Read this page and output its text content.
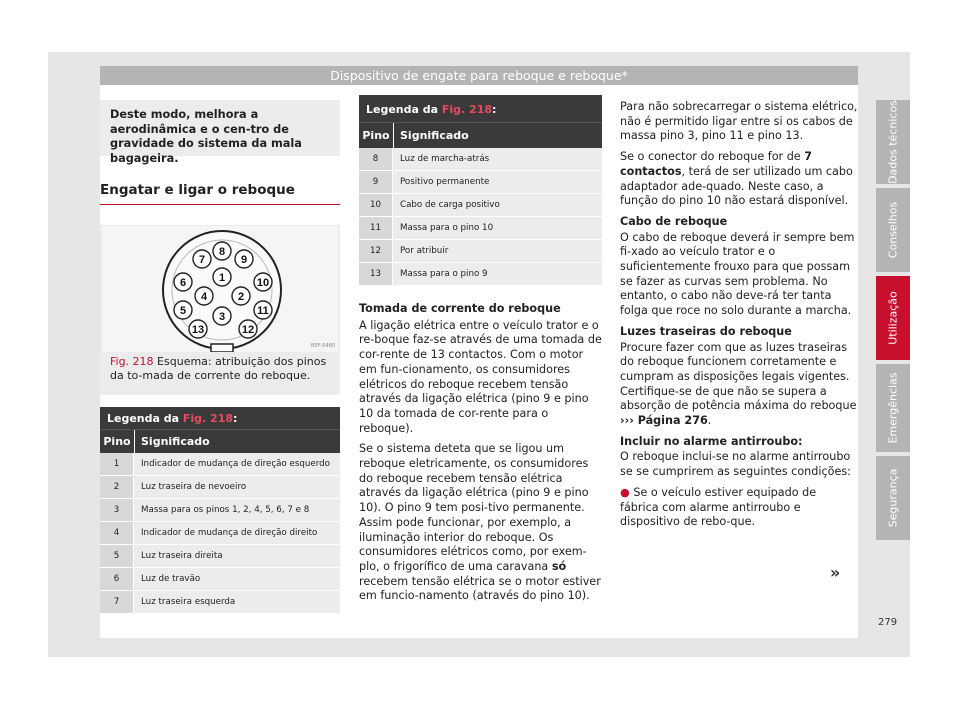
Dispositivo de engate para reboque e reboque*
Deste modo, melhora a aerodinâmica e o cen-tro de gravidade do sistema da mala bagageira.
Engatar e ligar o reboque
1
2
3
4
5
6
7
8
9
10
11
12
13
B5F-0480
Fig. 218 Esquema: atribuição dos pinos da to-mada de corrente do reboque.
Legenda da Fig. 218:
Pino Significado
1	Indicador de mudança de direção esquerdo
2	Luz traseira de nevoeiro
3	Massa para os pinos 1, 2, 4, 5, 6, 7 e 8
4	Indicador de mudança de direção direito
5	Luz traseira direita
6	Luz de travão
7	Luz traseira esquerda
Legenda da Fig. 218:
Pino Significado
8	Luz de marcha-atrás
9	Positivo permanente
10	Cabo de carga positivo
11	Massa para o pino 10
12	Por atribuir
13	Massa para o pino 9

Tomada de corrente do reboque

A ligação elétrica entre o veículo trator e o re-boque faz-se através de uma tomada de cor-rente de 13 contactos. Com o motor em fun-cionamento, os consumidores elétricos do reboque recebem tensão através da ligação elétrica (pino 9 e pino 10 da tomada de cor-rente para o reboque).

Se o sistema deteta que se ligou um reboque eletricamente, os consumidores do reboque recebem tensão elétrica através da ligação elétrica (pino 9 e pino 10). O pino 9 tem posi-tivo permanente. Assim pode funcionar, por exemplo, a iluminação interior do reboque. Os consumidores elétricos como, por exem-plo, o frigorífico de uma caravana só recebem tensão elétrica se o motor estiver em funcio-namento (através do pino 10).

Para não sobrecarregar o sistema elétrico, não é permitido ligar entre si os cabos de massa pino 3, pino 11 e pino 13.

Se o conector do reboque for de 7 contactos, terá de ser utilizado um cabo adaptador ade-quado. Neste caso, a função do pino 10 não estará disponível.

Cabo de reboque

O cabo de reboque deverá ir sempre bem fi-xado ao veículo trator e o suficientemente frouxo para que possam se fazer as curvas sem problema. No entanto, o cabo não deve-rá ter tanta folga que roce no solo durante a marcha.

Luzes traseiras do reboque

Procure fazer com que as luzes traseiras do reboque funcionem corretamente e cumpram as disposições legais vigentes. Certifique-se de que não se supera a absorção de potência máxima do reboque ››› Página 276.

Incluir no alarme antirroubo:

O reboque inclui-se no alarme antirroubo se se cumprirem as seguintes condições:

● Se o veículo estiver equipado de fábrica com alarme antirroubo e dispositivo de rebo-que.

»
Dados técnicos
Conselhos
Utilização
Emergências
Segurança
279
